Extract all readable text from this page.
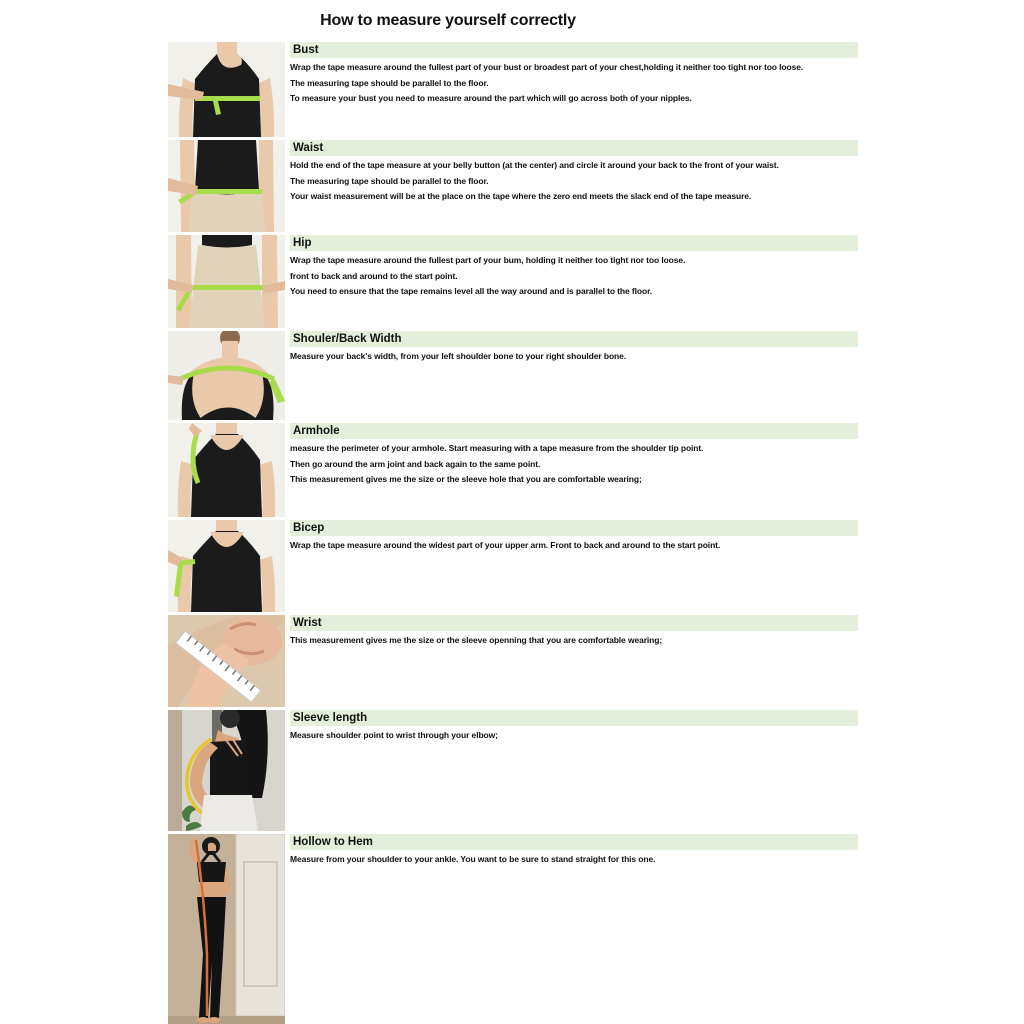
How to measure yourself correctly
Bust

Wrap the tape measure around the fullest part of your bust or broadest part of your chest,holding it neither too tight nor too loose.

The measuring tape should be parallel to the floor.

To measure your bust you need to measure around the part which will go across both of your nipples.

Waist

Hold the end of the tape measure at your belly button (at the center) and circle it around your back to the front of your waist.

The measuring tape should be parallel to the floor.

Your waist measurement will be at the place on the tape where the zero end meets the slack end of the tape measure.

Hip

Wrap the tape measure around the fullest part of your bum, holding it neither too tight nor too loose.

front to back and around to the start point.

You need to ensure that the tape remains level all the way around and is parallel to the floor.

Shouler/Back Width

Measure your back's width, from your left shoulder bone to your right shoulder bone.

Armhole

measure the perimeter of your armhole. Start measuring with a tape measure from the shoulder tip point.

Then go around the arm joint and back again to the same point.

This measurement gives me the size or the sleeve hole that you are comfortable wearing;

Bicep

Wrap the tape measure around the widest part of your upper arm. Front to back and around to the start point.

Wrist

This measurement gives me the size or the sleeve openning that you are comfortable wearing;

Sleeve length

Measure shoulder point to wrist through your elbow;

Hollow to Hem

Measure from your shoulder to your ankle. You want to be sure to stand straight for this one.
